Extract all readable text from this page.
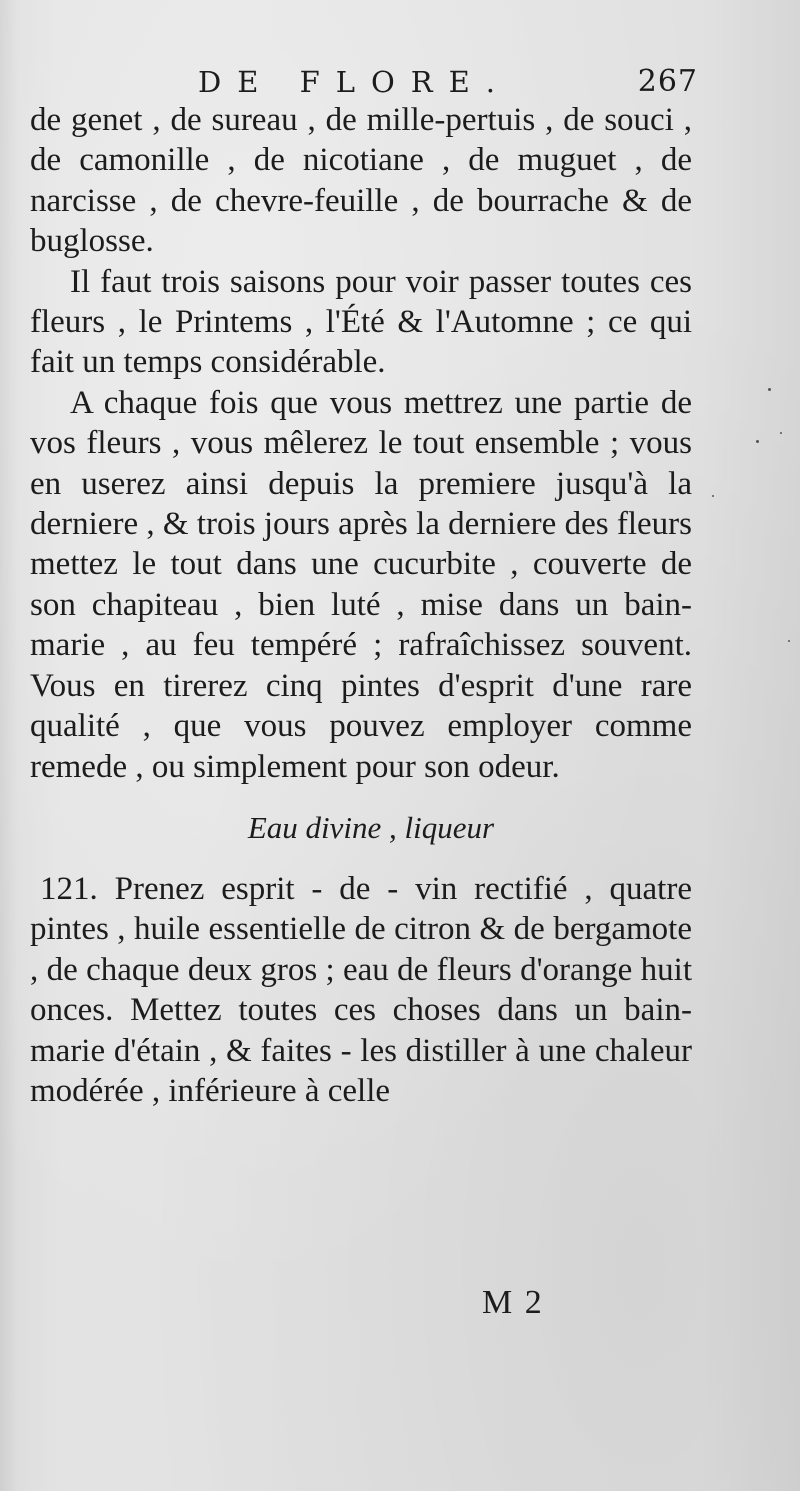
DE FLORE.	267

de genet , de sureau , de mille-pertuis , de souci , de camonille , de nicotiane , de muguet , de narcisse , de chevre-feuille , de bourrache & de buglosse.

Il faut trois saisons pour voir passer toutes ces fleurs , le Printems , l'Été & l'Automne ; ce qui fait un temps considérable.

A chaque fois que vous mettrez une partie de vos fleurs , vous mêlerez le tout ensemble ; vous en userez ainsi depuis la premiere jusqu'à la derniere , & trois jours après la derniere des fleurs mettez le tout dans une cucurbite , couverte de son chapiteau , bien luté , mise dans un bain-marie , au feu tempéré ; rafraîchissez souvent. Vous en tirerez cinq pintes d'esprit d'une rare qualité , que vous pouvez employer comme remede , ou simplement pour son odeur.

Eau divine , liqueur

121. Prenez esprit - de - vin rectifié , quatre pintes , huile essentielle de citron & de bergamote , de chaque deux gros ; eau de fleurs d'orange huit onces. Mettez toutes ces choses dans un bain-marie d'étain , & faites - les distiller à une chaleur modérée , inférieure à celle

M 2
